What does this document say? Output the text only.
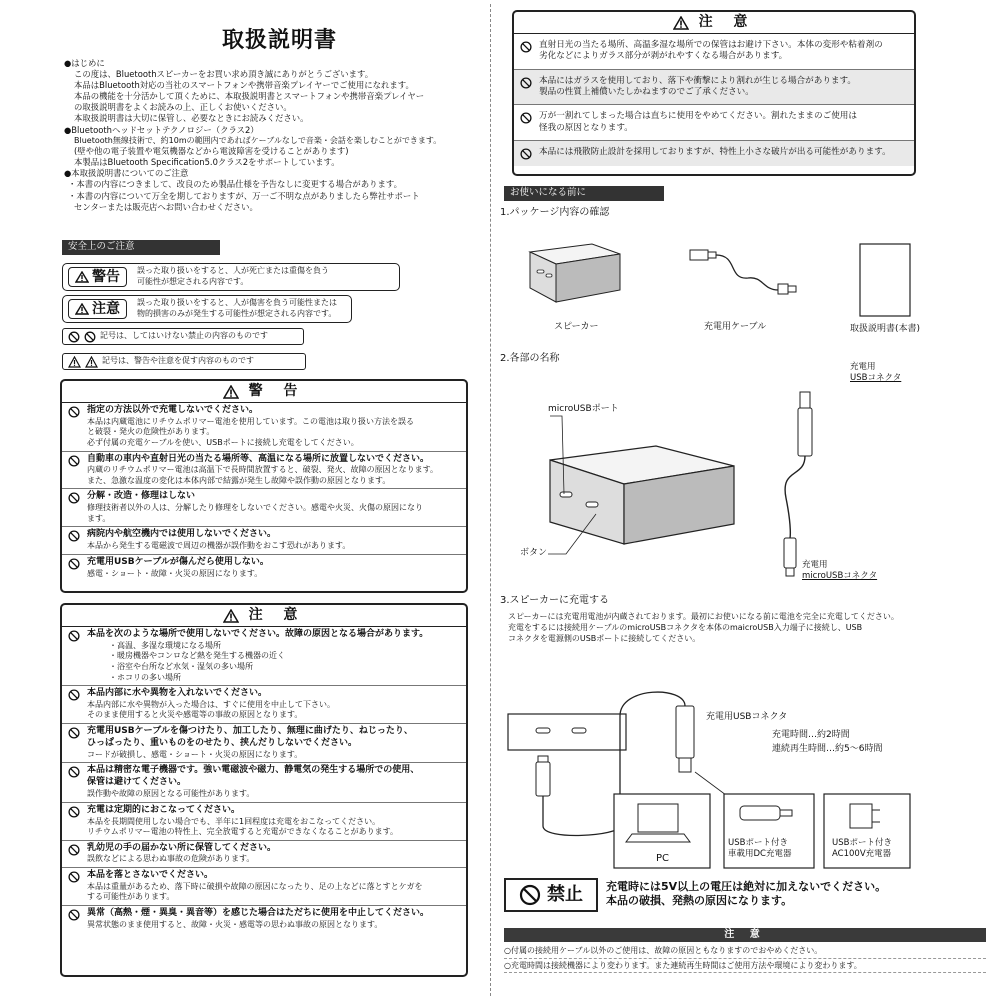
取扱説明書
●はじめに
この度は、Bluetoothスピーカーをお買い求め頂き誠にありがとうございます。
本品はBluetooth対応の当社のスマートフォンや携帯音楽プレイヤーでご使用になれます。
本品の機能を十分活かして頂くために、本取扱説明書とスマートフォンや携帯音楽プレイヤー
の取扱説明書をよくお読みの上、正しくお使いください。
本取扱説明書は大切に保管し、必要なときにお読みください。
●Bluetoothヘッドセットテクノロジー（クラス2）
Bluetooth無線技術で、約10mの範囲内であればケーブルなしで音楽・会話を楽しむことができます。
(壁や他の電子装置や電気機器などから電波障害を受けることがあります)
本製品はBluetooth Specification5.0クラス2をサポートしています。
●本取扱説明書についてのご注意
・本書の内容につきまして、改良のため製品仕様を予告なしに変更する場合があります。
・本書の内容について万全を期しておりますが、万一ご不明な点がありましたら弊社サポート
センターまたは販売店へお問い合わせください。
安全上のご注意
警告 誤った取り扱いをすると、人が死亡または重傷を負う
可能性が想定される内容です。
注意 誤った取り扱いをすると、人が傷害を負う可能性または
物的損害のみが発生する可能性が想定される内容です。
記号は、してはいけない禁止の内容のものです
記号は、警告や注意を促す内容のものです
警 告
指定の方法以外で充電しないでください。
本品は内蔵電池にリチウムポリマー電池を使用しています。この電池は取り扱い方法を誤る
と破裂・発火の危険性があります。
必ず付属の充電ケーブルを使い、USBポートに接続し充電をしてください。
自動車の車内や直射日光の当たる場所等、高温になる場所に放置しないでください。
内蔵のリチウムポリマー電池は高温下で長時間放置すると、破裂、発火、故障の原因となります。
また、急激な温度の変化は本体内部で結露が発生し故障や誤作動の原因となります。
分解・改造・修理はしない
修理技術者以外の人は、分解したり修理をしないでください。感電や火災、火傷の原因になり
ます。
病院内や航空機内では使用しないでください。
本品から発生する電磁波で周辺の機器が誤作動をおこす恐れがあります。
充電用USBケーブルが傷んだら使用しない。
感電・ショート・故障・火災の原因になります。
注 意
本品を次のような場所で使用しないでください。故障の原因となる場合があります。
・高温、多湿な環境になる場所
・暖房機器やコンロなど熱を発生する機器の近く
・浴室や台所など水気・湿気の多い場所
・ホコリの多い場所
本品内部に水や異物を入れないでください。
本品内部に水や異物が入った場合は、すぐに使用を中止して下さい。
そのまま使用すると火災や感電等の事故の原因となります。
充電用USBケーブルを傷つけたり、加工したり、無理に曲げたり、ねじったり、
ひっぱったり、重いものをのせたり、挟んだりしないでください。
コードが破損し、感電・ショート・火災の原因になります。
本品は精密な電子機器です。強い電磁波や磁力、静電気の発生する場所での使用、
保管は避けてください。
誤作動や故障の原因となる可能性があります。
充電は定期的におこなってください。
本品を長期間使用しない場合でも、半年に1回程度は充電をおこなってください。
リチウムポリマー電池の特性上、完全放電すると充電ができなくなることがあります。
乳幼児の手の届かない所に保管してください。
誤飲などによる思わぬ事故の危険があります。
本品を落とさないでください。
本品は重量があるため、落下時に破損や故障の原因になったり、足の上などに落とすとケガを
する可能性があります。
異常（高熱・煙・異臭・異音等）を感じた場合はただちに使用を中止してください。
異常状態のまま使用すると、故障・火災・感電等の思わぬ事故の原因となります。
注 意
直射日光の当たる場所、高温多湿な場所での保管はお避け下さい。本体の変形や粘着剤の
劣化などによりガラス部分が剥がれやすくなる場合があります。
本品にはガラスを使用しており、落下や衝撃により割れが生じる場合があります。
製品の性質上補償いたしかねますのでご了承ください。
万が一割れてしまった場合は直ちに使用をやめてください。割れたままのご使用は
怪我の原因となります。
本品には飛散防止設計を採用しておりますが、特性上小さな破片が出る可能性があります。
お使いになる前に
1.パッケージ内容の確認
スピーカー	充電用ケーブル	取扱説明書(本書)
2.各部の名称
microUSBポート
ボタン
充電用
USBコネクタ
充電用
microUSBコネクタ
3.スピーカーに充電する
スピーカーには充電用電池が内蔵されております。最初にお使いになる前に電池を完全に充電してください。
充電をするには接続用ケーブルのmicroUSBコネクタを本体のmaicroUSB入力端子に接続し、USB
コネクタを電源側のUSBポートに接続してください。
充電用USBコネクタ
充電時間…約2時間
連続再生時間…約5〜6時間
PC
USBポート付き
車載用DC充電器
USBポート付き
AC100V充電器
禁止 充電時には5V以上の電圧は絶対に加えないでください。
本品の破損、発熱の原因になります。
注 意
○付属の接続用ケーブル以外のご使用は、故障の原因ともなりますのでおやめください。
○充電時間は接続機器により変わります。また連続再生時間はご使用方法や環境により変わります。
